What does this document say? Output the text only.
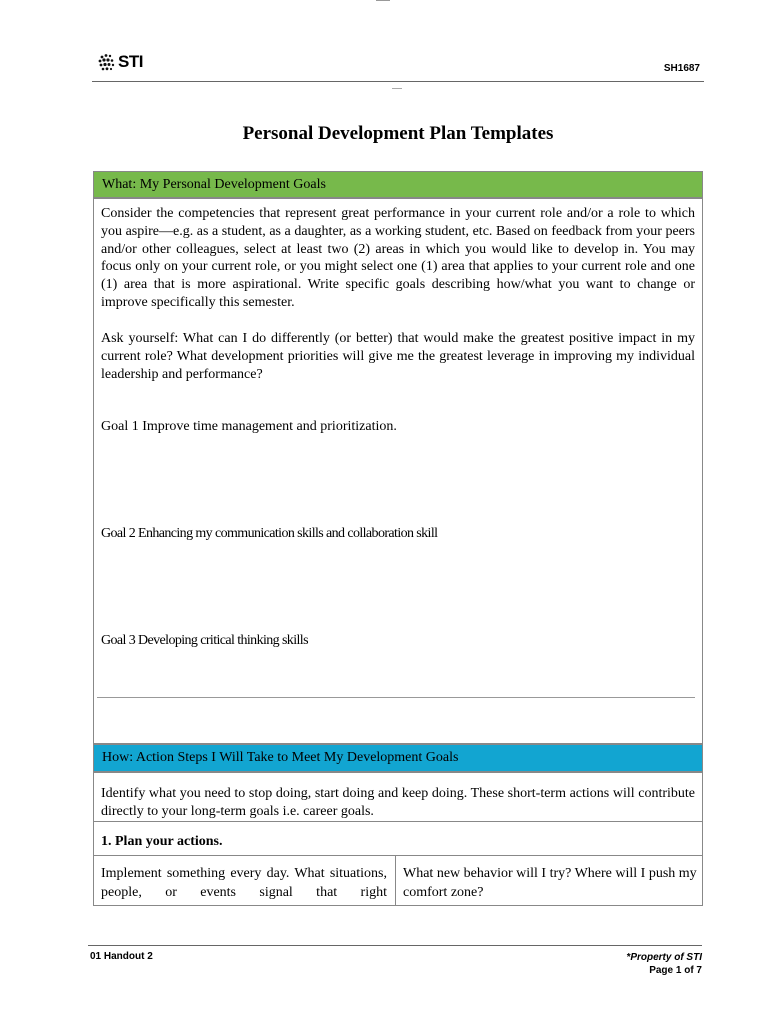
STI	SH1687
Personal Development Plan Templates
What: My Personal Development Goals
Consider the competencies that represent great performance in your current role and/or a role to which you aspire—e.g. as a student, as a daughter, as a working student, etc. Based on feedback from your peers and/or other colleagues, select at least two (2) areas in which you would like to develop in. You may focus only on your current role, or you might select one (1) area that applies to your current role and one (1) area that is more aspirational. Write specific goals describing how/what you want to change or improve specifically this semester.
Ask yourself: What can I do differently (or better) that would make the greatest positive impact in my current role? What development priorities will give me the greatest leverage in improving my individual leadership and performance?
Goal 1 Improve time management and prioritization.
Goal 2 Enhancing my communication skills and collaboration skill
Goal 3 Developing critical thinking skills
How: Action Steps I Will Take to Meet My Development Goals
Identify what you need to stop doing, start doing and keep doing. These short-term actions will contribute directly to your long-term goals i.e. career goals.
1. Plan your actions.
Implement something every day. What situations, people, or events signal that right
What new behavior will I try? Where will I push my comfort zone?
01 Handout 2	*Property of STI
Page 1 of 7
